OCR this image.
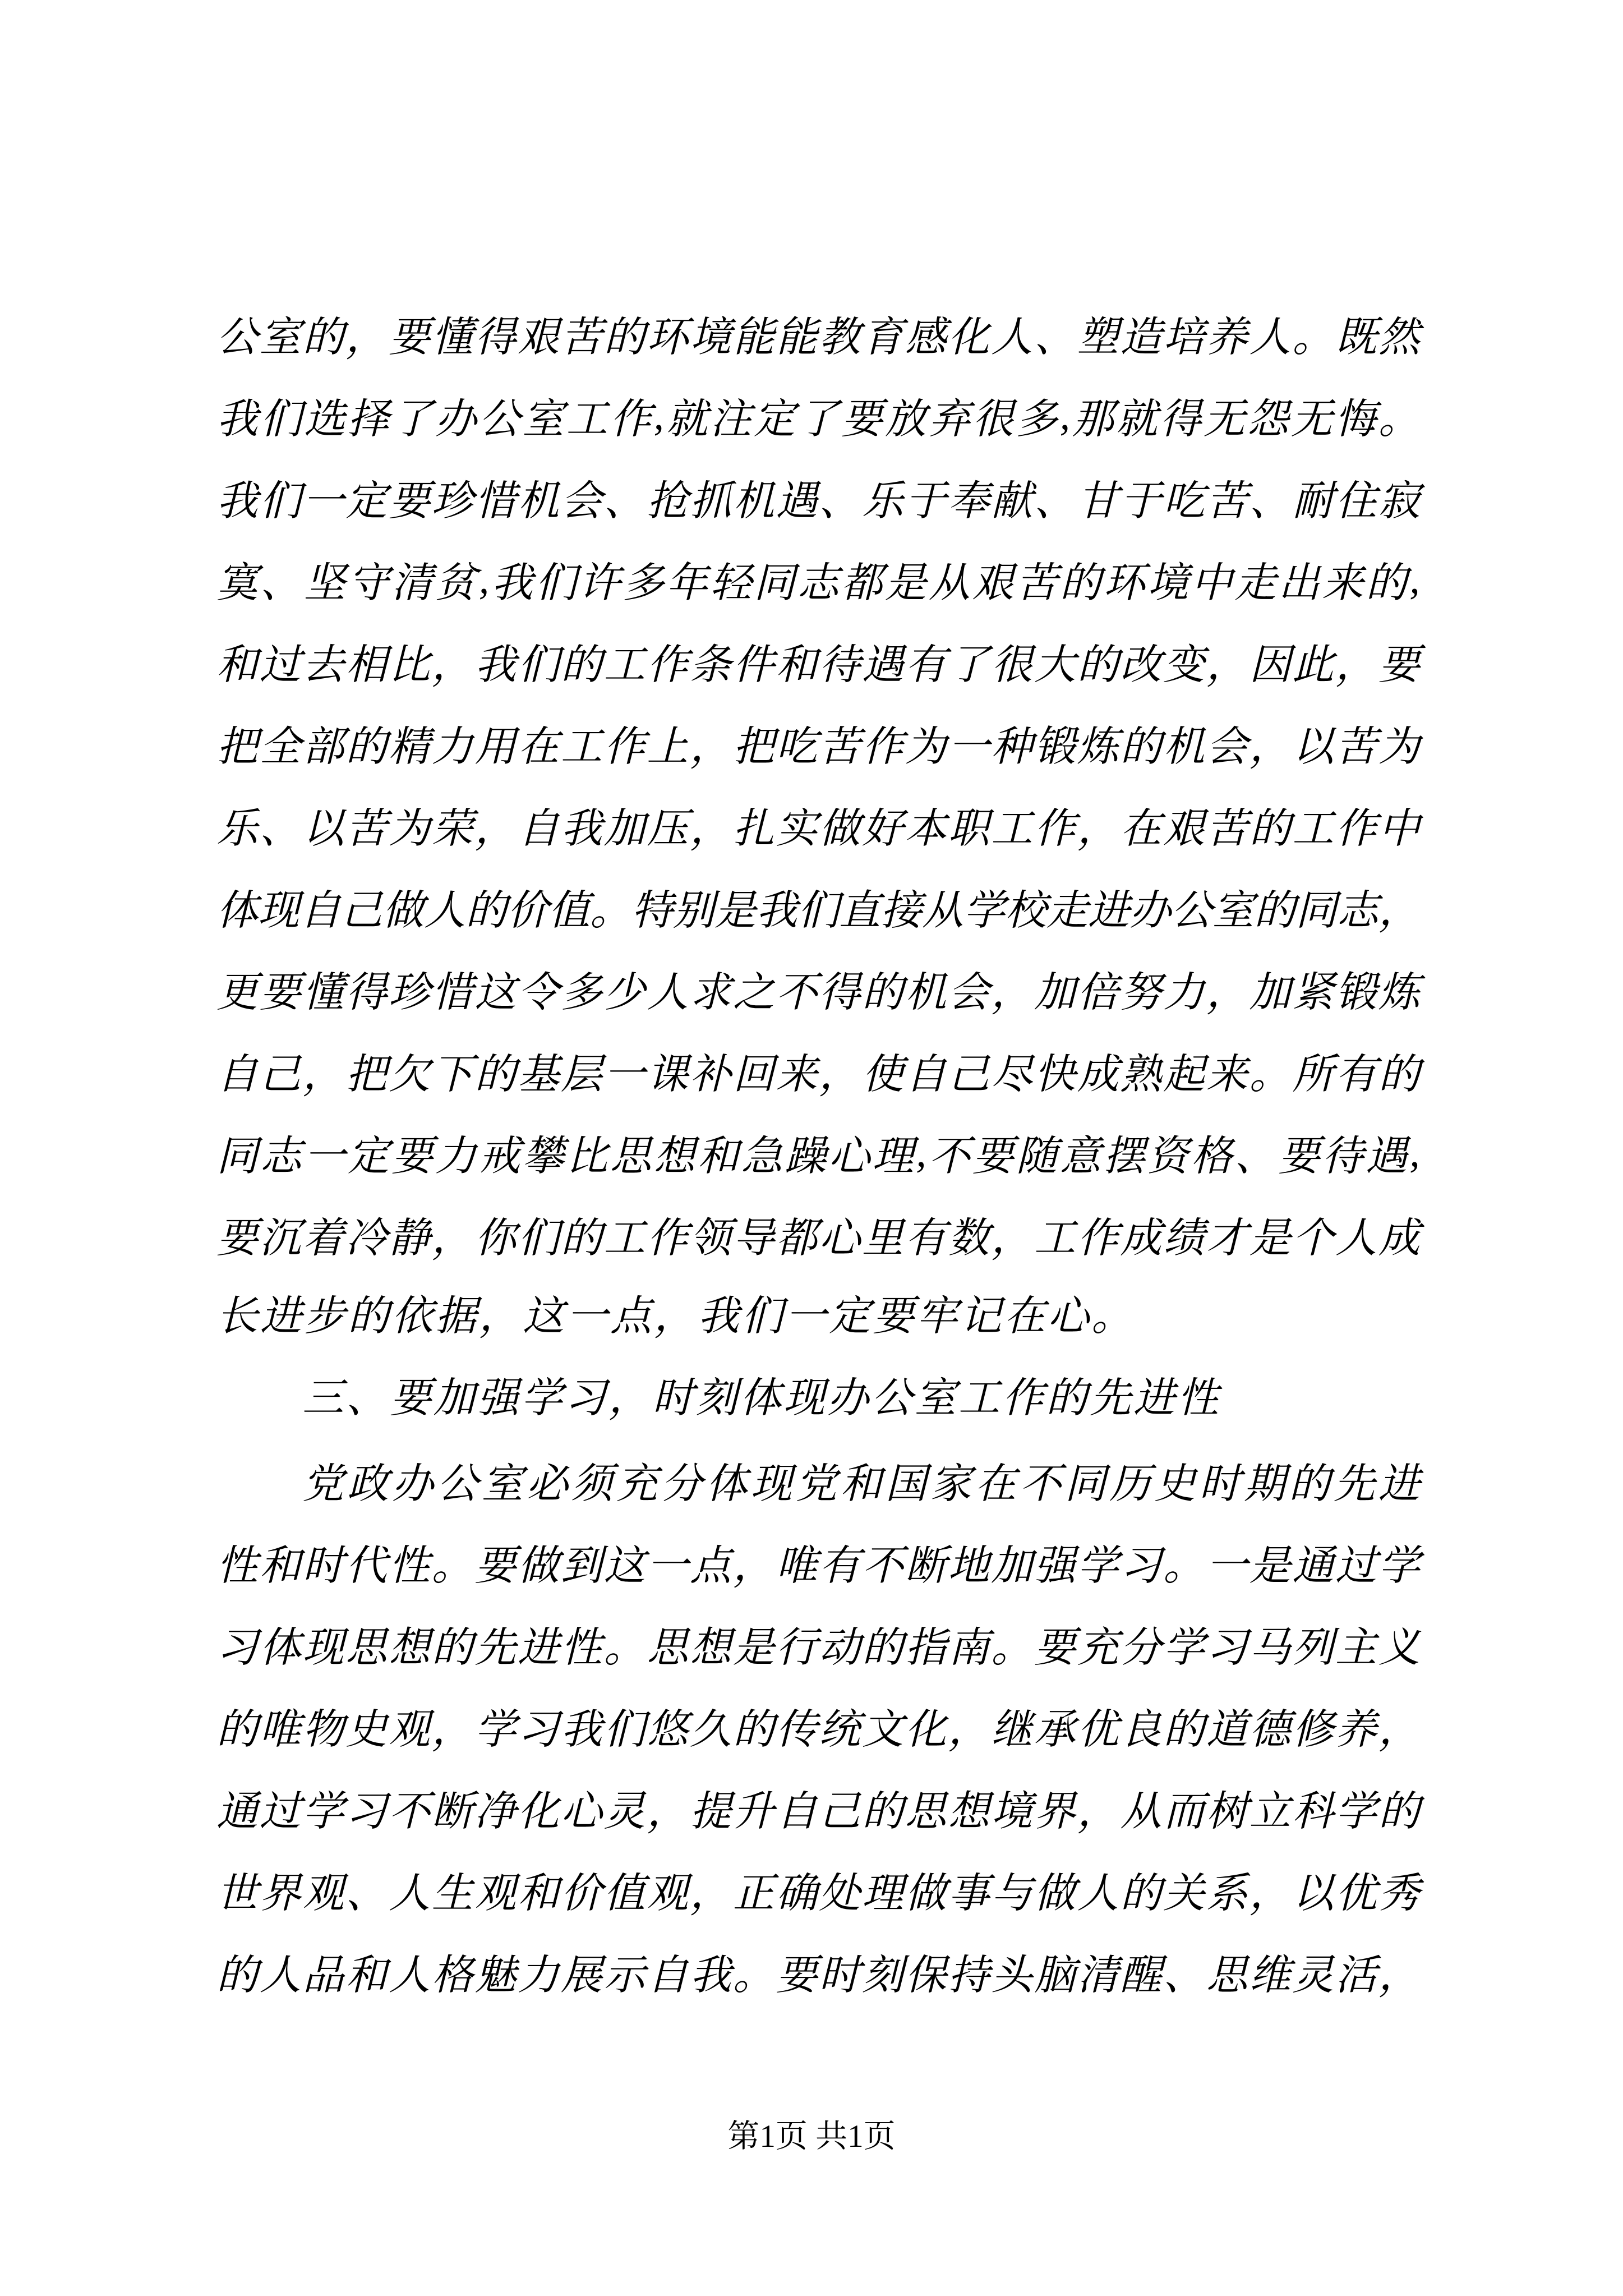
公 室 的 ， 要 懂 得 艰 苦 的 环 境 能 能 教 育 感 化 人 、 塑 造 培 养 人 。 既 然
我 们 选 择 了 办 公 室 工 作 , 就 注 定 了 要 放 弃 很 多 , 那 就 得 无 怨 无 悔 。
我 们 一 定 要 珍 惜 机 会 、 抢 抓 机 遇 、 乐 于 奉 献 、 甘 于 吃 苦 、 耐 住 寂
寞 、 坚 守 清 贫 , 我 们 许 多 年 轻 同 志 都 是 从 艰 苦 的 环 境 中 走 出 来 的 ,
和 过 去 相 比 ， 我 们 的 工 作 条 件 和 待 遇 有 了 很 大 的 改 变 ， 因 此 ， 要
把 全 部 的 精 力 用 在 工 作 上 ， 把 吃 苦 作 为 一 种 锻 炼 的 机 会 ， 以 苦 为
乐 、 以 苦 为 荣 ， 自 我 加 压 ， 扎 实 做 好 本 职 工 作 ， 在 艰 苦 的 工 作 中
体 现 自 己 做 人 的 价 值 。 特 别 是 我 们 直 接 从 学 校 走 进 办 公 室 的 同 志 ，
更 要 懂 得 珍 惜 这 令 多 少 人 求 之 不 得 的 机 会 ， 加 倍 努 力 ， 加 紧 锻 炼
自 己 ， 把 欠 下 的 基 层 一 课 补 回 来 ， 使 自 己 尽 快 成 熟 起 来 。 所 有 的
同 志 一 定 要 力 戒 攀 比 思 想 和 急 躁 心 理 , 不 要 随 意 摆 资 格 、 要 待 遇 ,
要 沉 着 冷 静 ， 你 们 的 工 作 领 导 都 心 里 有 数 ， 工 作 成 绩 才 是 个 人 成
长进步的依据，这一点，我们一定要牢记在心。
三、要加强学习，时刻体现办公室工作的先进性
党 政 办 公 室 必 须 充 分 体 现 党 和 国 家 在 不 同 历 史 时 期 的 先 进
性 和 时 代 性 。 要 做 到 这 一 点 ， 唯 有 不 断 地 加 强 学 习 。 一 是 通 过 学
习 体 现 思 想 的 先 进 性 。 思 想 是 行 动 的 指 南 。 要 充 分 学 习 马 列 主 义
的 唯 物 史 观 ， 学 习 我 们 悠 久 的 传 统 文 化 ， 继 承 优 良 的 道 德 修 养 ，
通 过 学 习 不 断 净 化 心 灵 ， 提 升 自 己 的 思 想 境 界 ， 从 而 树 立 科 学 的
世 界 观 、 人 生 观 和 价 值 观 ， 正 确 处 理 做 事 与 做 人 的 关 系 ， 以 优 秀
的 人 品 和 人 格 魅 力 展 示 自 我 。 要 时 刻 保 持 头 脑 清 醒 、 思 维 灵 活 ，
第1页 共1页
